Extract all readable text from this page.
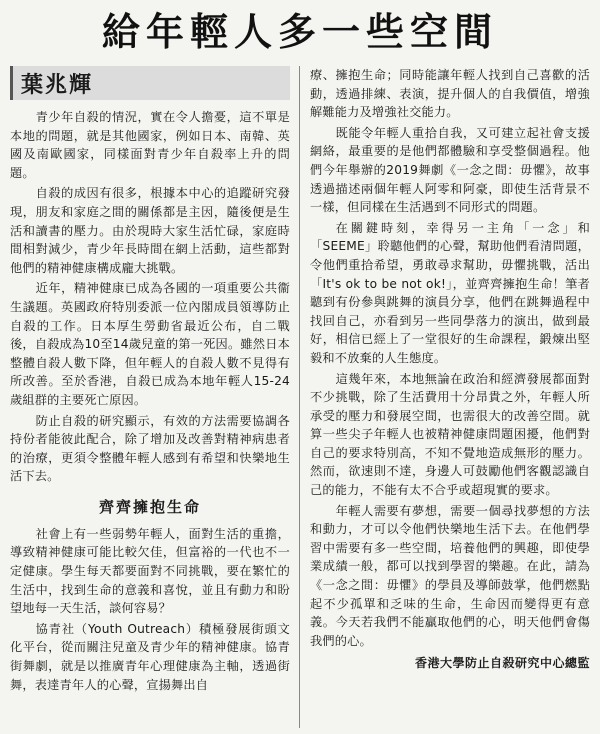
給年輕人多一些空間
葉兆輝

青少年自殺的情況，實在令人擔憂，這不單是本地的問題，就是其他國家，例如日本、南韓、英國及南歐國家，同樣面對青少年自殺率上升的問題。

自殺的成因有很多，根據本中心的追蹤研究發現，朋友和家庭之間的關係都是主因，隨後便是生活和讀書的壓力。由於現時大家生活忙碌，家庭時間相對減少，青少年長時間在網上活動，這些都對他們的精神健康構成龐大挑戰。

近年，精神健康已成為各國的一項重要公共衞生議題。英國政府特別委派一位內閣成員領導防止自殺的工作。日本厚生勞動省最近公布，自二戰後，自殺成為10至14歲兒童的第一死因。雖然日本整體自殺人數下降，但年輕人的自殺人數不見得有所改善。至於香港，自殺已成為本地年輕人15-24歲組群的主要死亡原因。

防止自殺的研究顯示，有效的方法需要協調各持份者能彼此配合，除了增加及改善對精神病患者的治療，更須令整體年輕人感到有希望和快樂地生活下去。

齊齊擁抱生命

社會上有一些弱勢年輕人，面對生活的重擔，導致精神健康可能比較欠佳，但富裕的一代也不一定健康。學生每天都要面對不同挑戰，要在繁忙的生活中，找到生命的意義和喜悅，並且有動力和盼望地每一天生活，談何容易？

協青社（Youth Outreach）積極發展街頭文化平台，從而關注兒童及青少年的精神健康。協青街舞劇，就是以推廣青年心理健康為主軸，透過街舞，表達青年人的心聲，宣揚舞出自

療、擁抱生命；同時能讓年輕人找到自己喜歡的活動，透過排練、表演，提升個人的自我價值，增強解難能力及增強社交能力。

既能令年輕人重拾自我，又可建立起社會支援網絡，最重要的是他們都體驗和享受整個過程。他們今年舉辦的2019舞劇《一念之間：毋懼》，故事透過描述兩個年輕人阿零和阿豪，即使生活背景不一樣，但同樣在生活遇到不同形式的問題。

在關鍵時刻，幸得另一主角「一念」和「SEEME」聆聽他們的心聲，幫助他們看清問題，令他們重拾希望，勇敢尋求幫助，毋懼挑戰，活出「It's ok to be not ok!」，並齊齊擁抱生命！筆者聽到有份參與跳舞的演員分享，他們在跳舞過程中找回自己，亦看到另一些同學落力的演出，做到最好，相信已經上了一堂很好的生命課程，鍛煉出堅毅和不放棄的人生態度。

這幾年來，本地無論在政治和經濟發展都面對不少挑戰，除了生活費用十分昂貴之外，年輕人所承受的壓力和發展空間，也需很大的改善空間。就算一些尖子年輕人也被精神健康問題困擾，他們對自己的要求特別高，不知不覺地造成無形的壓力。然而，欲速則不達，身邊人可鼓勵他們客觀認識自己的能力，不能有太不合乎或超現實的要求。

年輕人需要有夢想，需要一個尋找夢想的方法和動力，才可以令他們快樂地生活下去。在他們學習中需要有多一些空間，培養他們的興趣，即使學業成績一般，都可以找到學習的樂趣。在此，請為《一念之間：毋懼》的學員及導師鼓掌，他們燃點起不少孤單和乏味的生命，生命因而變得更有意義。今天若我們不能贏取他們的心，明天他們會傷我們的心。

香港大學防止自殺研究中心總監
